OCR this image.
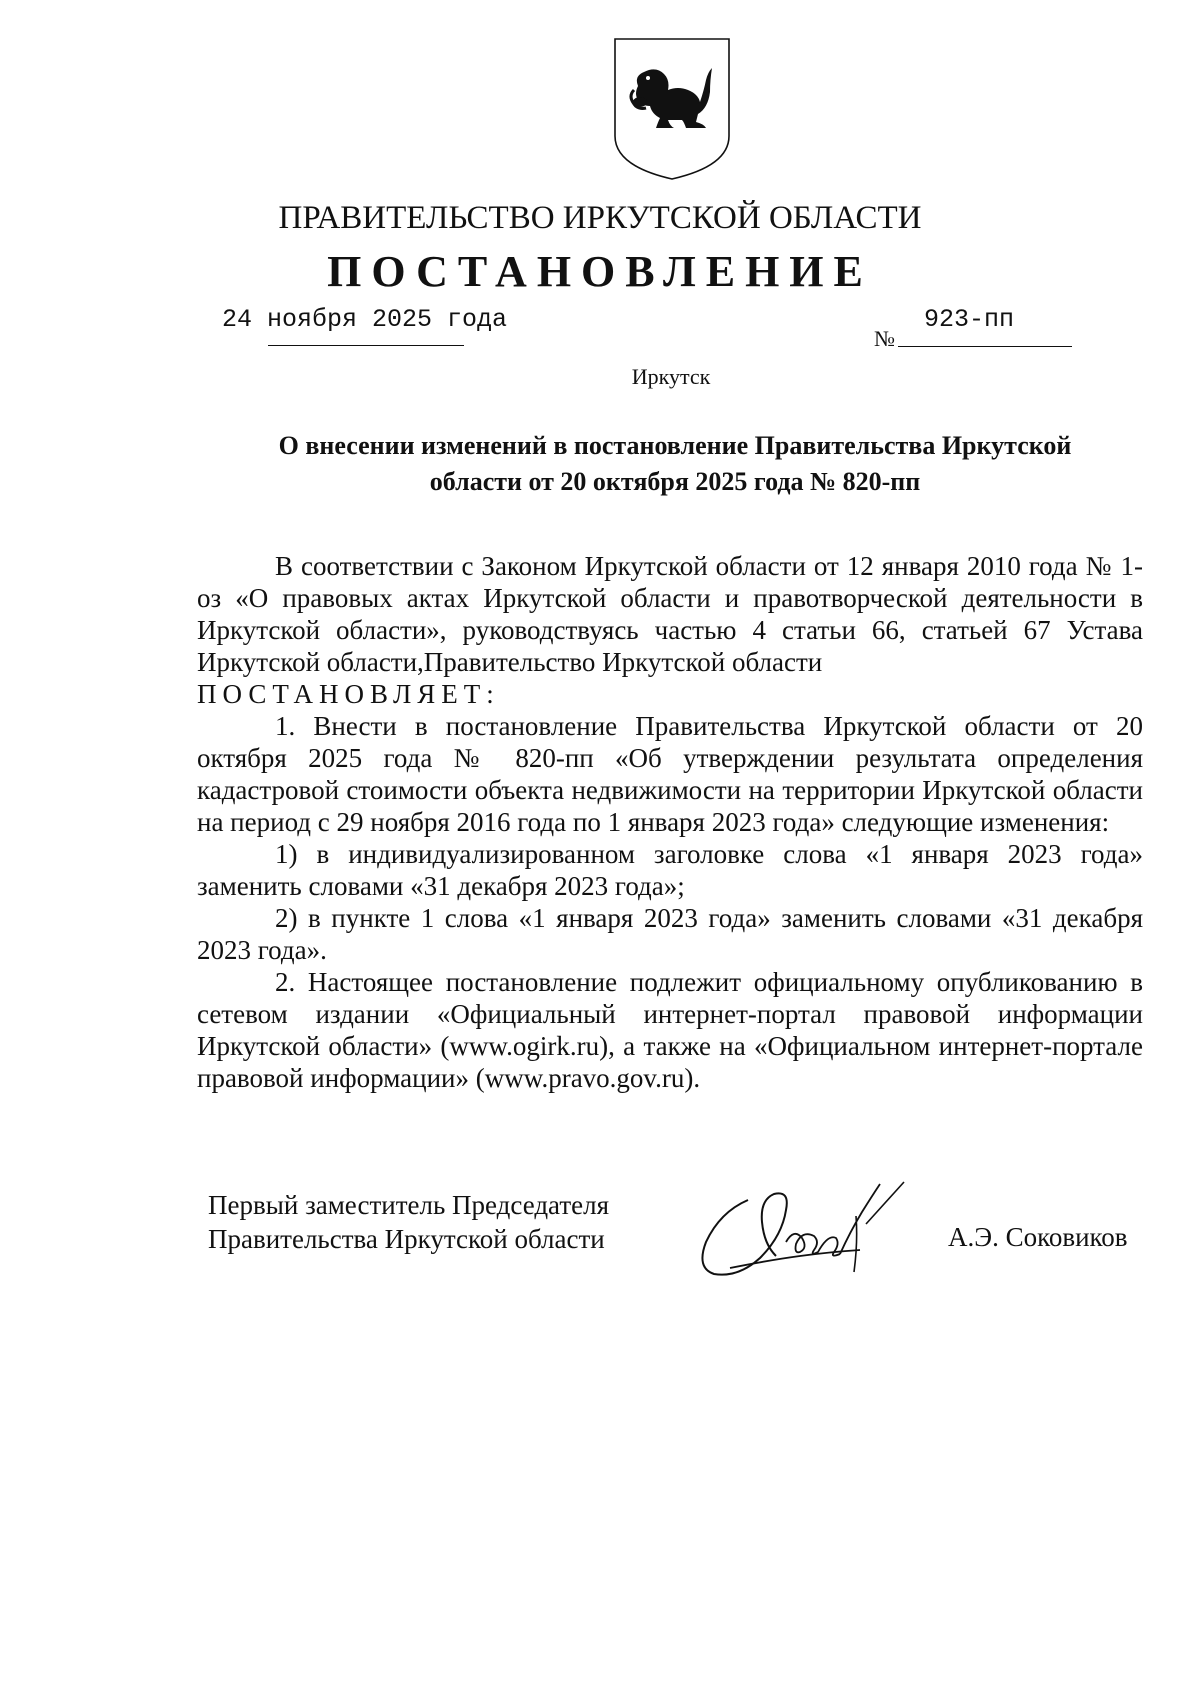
ПРАВИТЕЛЬСТВО ИРКУТСКОЙ ОБЛАСТИ
ПОСТАНОВЛЕНИЕ
24 ноября 2025 года
№
923-пп
Иркутск
О внесении изменений в постановление Правительства Иркутской
области от 20 октября 2025 года № 820-пп

В соответствии с Законом Иркутской области от 12 января 2010 года № 1-оз «О правовых актах Иркутской области и правотворческой деятельности в Иркутской области», руководствуясь частью 4 статьи 66, статьей 67 Устава Иркутской области,Правительство Иркутской области

ПОСТАНОВЛЯЕТ:

1. Внести в постановление Правительства Иркутской области от 20 октября 2025 года № 820-пп «Об утверждении результата определения кадастровой стоимости объекта недвижимости на территории Иркутской области на период с 29 ноября 2016 года по 1 января 2023 года» следующие изменения:

1) в индивидуализированном заголовке слова «1 января 2023 года» заменить словами «31 декабря 2023 года»;

2) в пункте 1 слова «1 января 2023 года» заменить словами «31 декабря 2023 года».

2. Настоящее постановление подлежит официальному опубликованию в сетевом издании «Официальный интернет-портал правовой информации Иркутской области» (www.ogirk.ru), а также на «Официальном интернет-портале правовой информации» (www.pravo.gov.ru).

Первый заместитель Председателя
Правительства Иркутской области	А.Э. Соковиков
